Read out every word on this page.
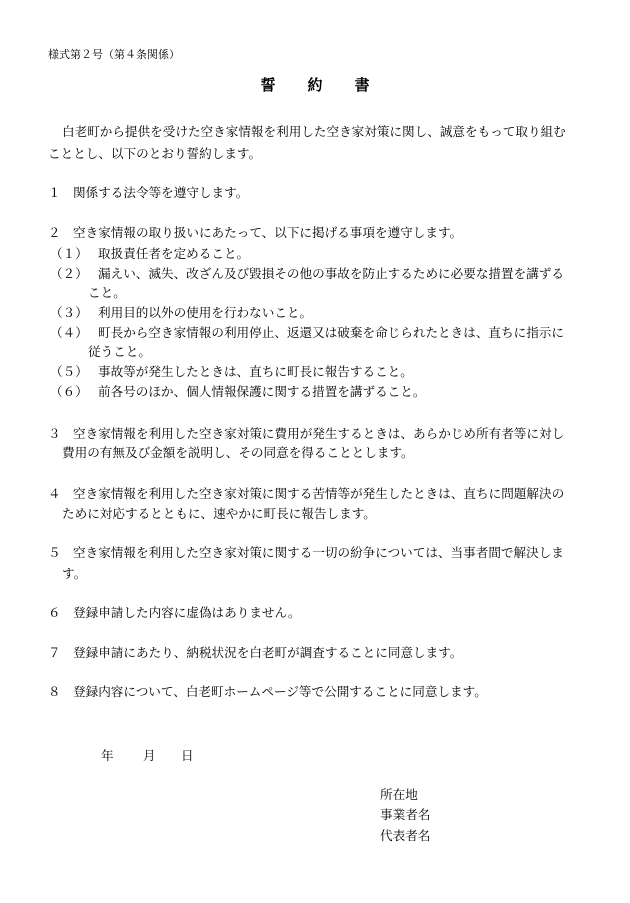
様式第２号（第４条関係）
誓約書
白老町から提供を受けた空き家情報を利用した空き家対策に関し、誠意をもって取り組む
こととし、以下のとおり誓約します。
１ 関係する法令等を遵守します。
２ 空き家情報の取り扱いにあたって、以下に掲げる事項を遵守します。
（１） 取扱責任者を定めること。
（２） 漏えい、滅失、改ざん及び毀損その他の事故を防止するために必要な措置を講ずる
こと。
（３） 利用目的以外の使用を行わないこと。
（４） 町長から空き家情報の利用停止、返還又は破棄を命じられたときは、直ちに指示に
従うこと。
（５） 事故等が発生したときは、直ちに町長に報告すること。
（６） 前各号のほか、個人情報保護に関する措置を講ずること。
３ 空き家情報を利用した空き家対策に費用が発生するときは、あらかじめ所有者等に対し
費用の有無及び金額を説明し、その同意を得ることとします。
４ 空き家情報を利用した空き家対策に関する苦情等が発生したときは、直ちに問題解決の
ために対応するとともに、速やかに町長に報告します。
５ 空き家情報を利用した空き家対策に関する一切の紛争については、当事者間で解決しま
す。
６ 登録申請した内容に虚偽はありません。
７ 登録申請にあたり、納税状況を白老町が調査することに同意します。
８ 登録内容について、白老町ホームページ等で公開することに同意します。
年 月 日
所在地
事業者名
代表者名
